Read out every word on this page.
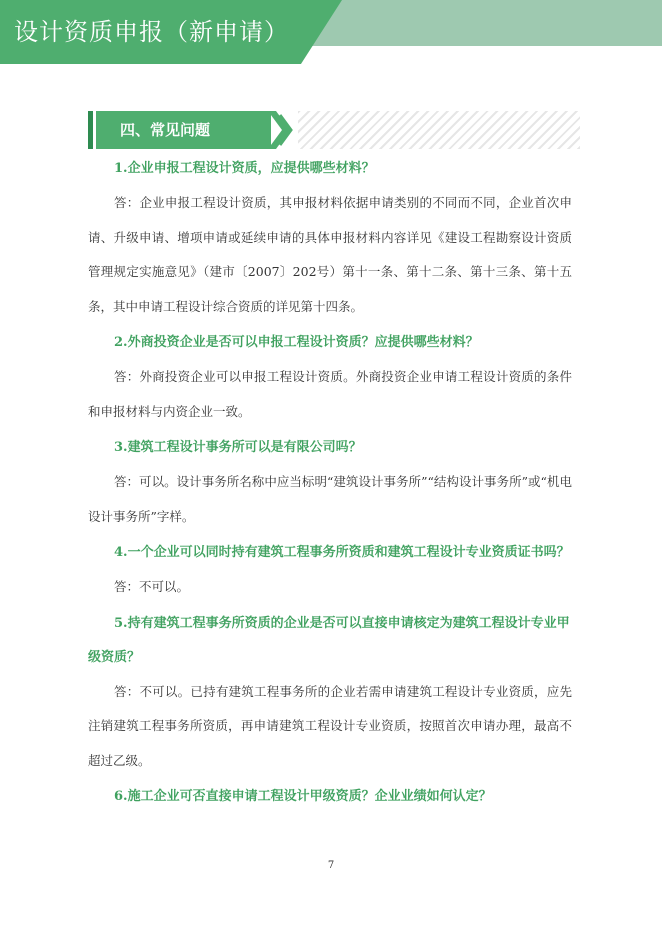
设计资质申报（新申请）
四、常见问题

1.企业申报工程设计资质，应提供哪些材料？

答：企业申报工程设计资质，其申报材料依据申请类别的不同而不同，企业首次申请、升级申请、增项申请或延续申请的具体申报材料内容详见《建设工程勘察设计资质管理规定实施意见》（建市〔2007〕202号）第十一条、第十二条、第十三条、第十五条，其中申请工程设计综合资质的详见第十四条。

2.外商投资企业是否可以申报工程设计资质？应提供哪些材料？

答：外商投资企业可以申报工程设计资质。外商投资企业申请工程设计资质的条件和申报材料与内资企业一致。

3.建筑工程设计事务所可以是有限公司吗？

答：可以。设计事务所名称中应当标明“建筑设计事务所”“结构设计事务所”或“机电设计事务所”字样。

4.一个企业可以同时持有建筑工程事务所资质和建筑工程设计专业资质证书吗？

答：不可以。

5.持有建筑工程事务所资质的企业是否可以直接申请核定为建筑工程设计专业甲级资质？

答：不可以。已持有建筑工程事务所的企业若需申请建筑工程设计专业资质，应先注销建筑工程事务所资质，再申请建筑工程设计专业资质，按照首次申请办理，最高不超过乙级。

6.施工企业可否直接申请工程设计甲级资质？企业业绩如何认定？

7
